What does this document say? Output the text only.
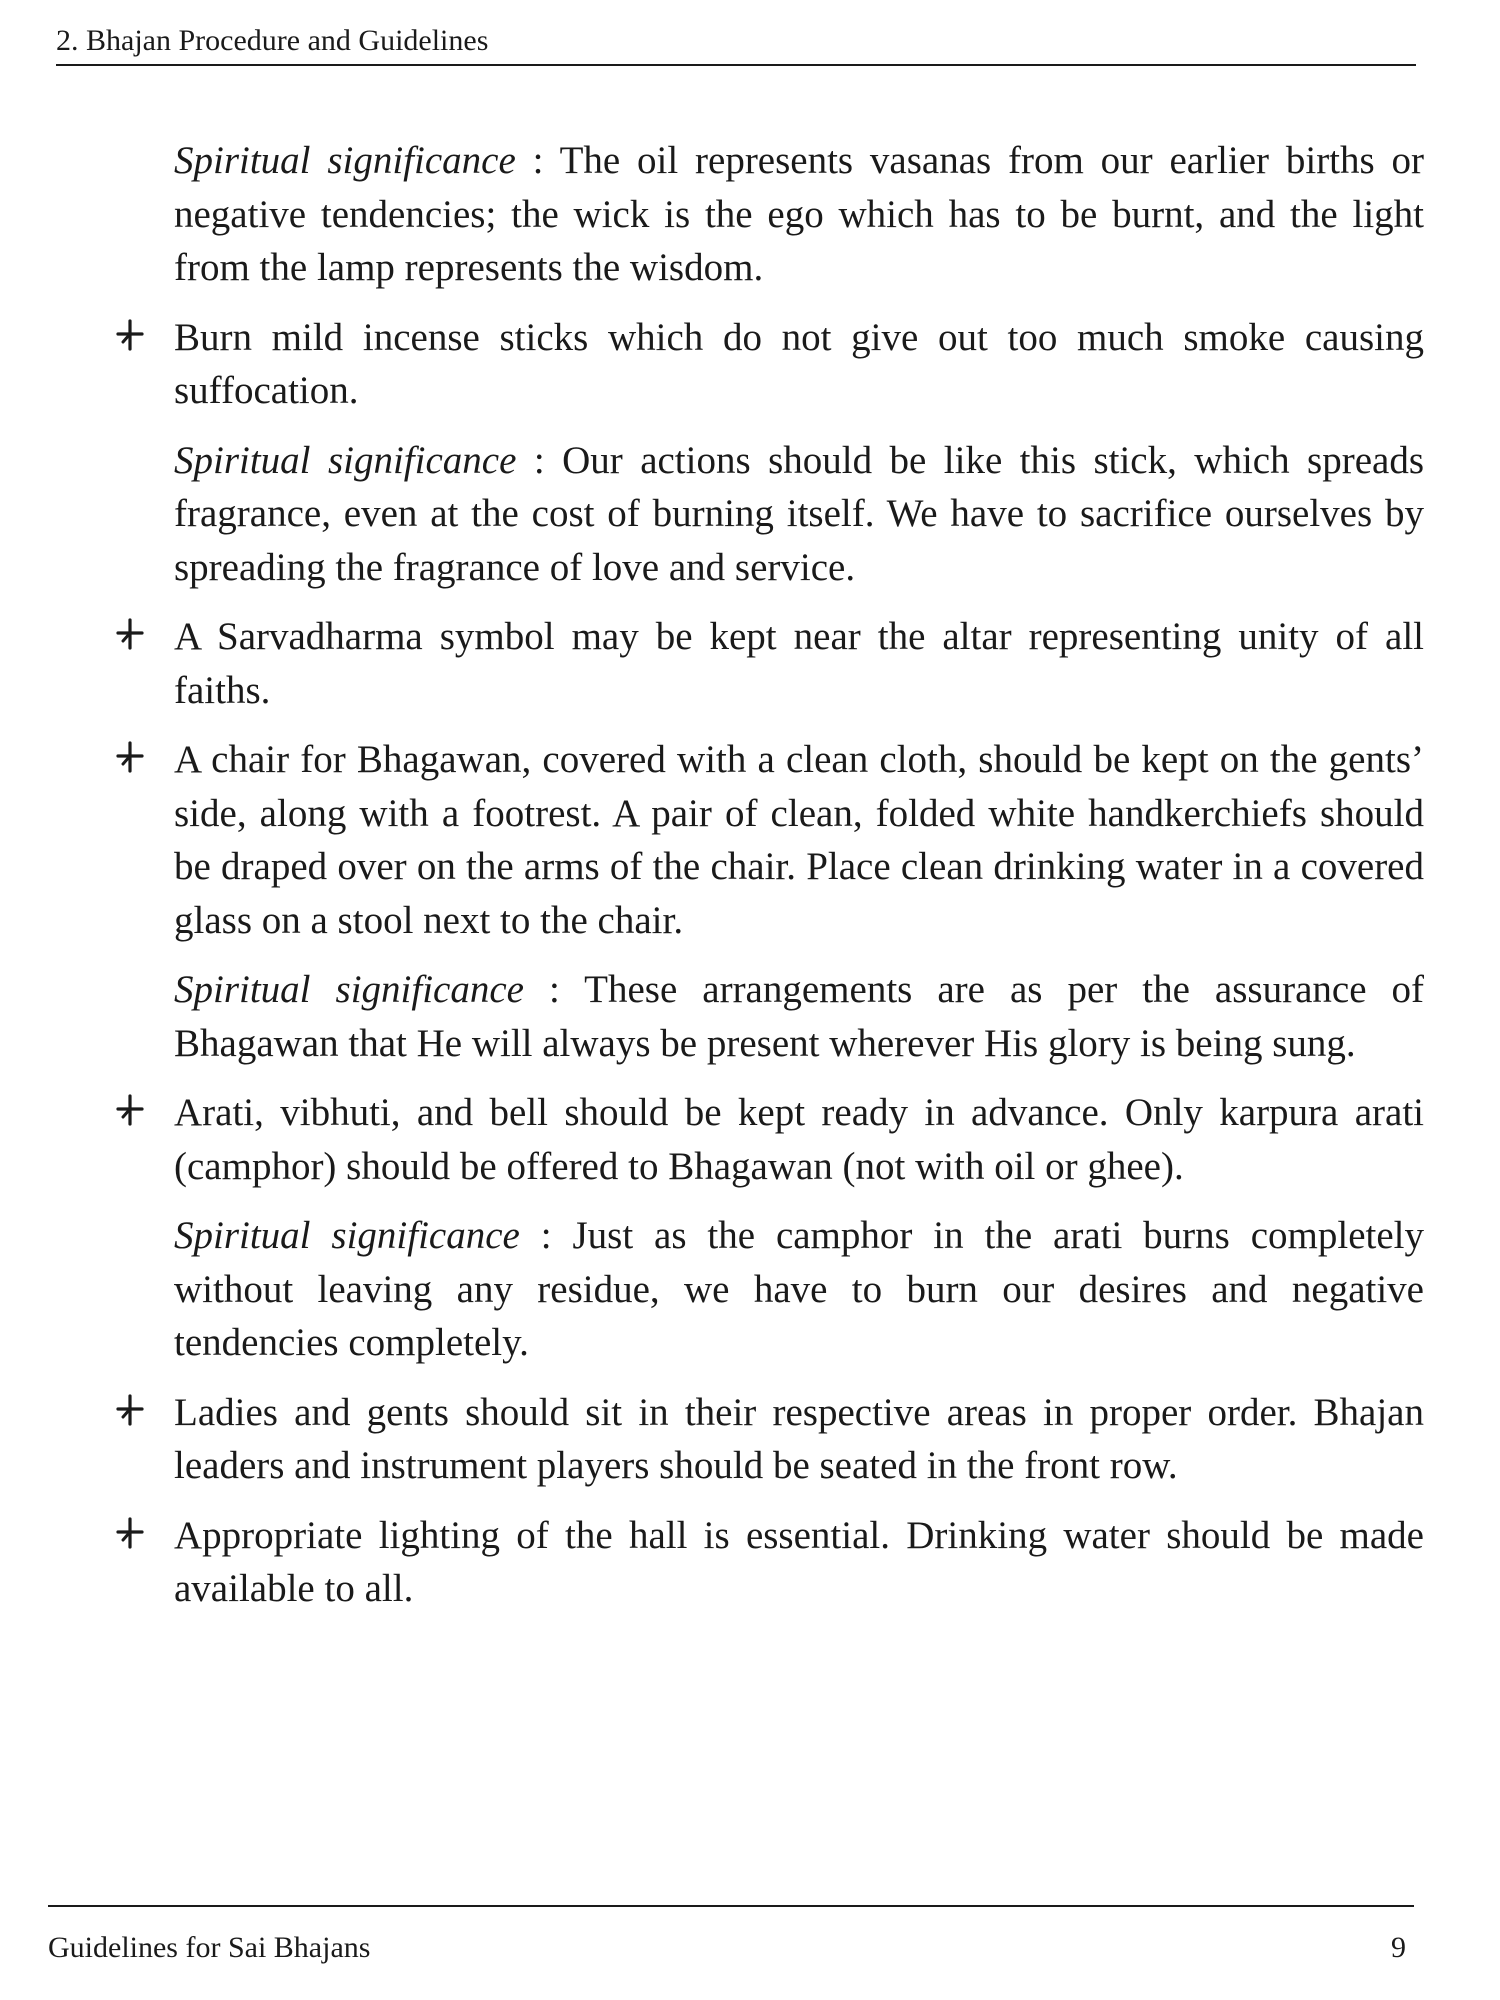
2. Bhajan Procedure and Guidelines

Spiritual significance : The oil represents vasanas from our earlier births or negative tendencies; the wick is the ego which has to be burnt, and the light from the lamp represents the wisdom.

Burn mild incense sticks which do not give out too much smoke causing suffocation.

Spiritual significance : Our actions should be like this stick, which spreads fragrance, even at the cost of burning itself. We have to sacrifice ourselves by spreading the fragrance of love and service.

A Sarvadharma symbol may be kept near the altar representing unity of all faiths.

A chair for Bhagawan, covered with a clean cloth, should be kept on the gents’ side, along with a footrest. A pair of clean, folded white handkerchiefs should be draped over on the arms of the chair. Place clean drinking water in a covered glass on a stool next to the chair.

Spiritual significance : These arrangements are as per the assurance of Bhagawan that He will always be present wherever His glory is being sung.

Arati, vibhuti, and bell should be kept ready in advance. Only karpura arati (camphor) should be offered to Bhagawan (not with oil or ghee).

Spiritual significance : Just as the camphor in the arati burns completely without leaving any residue, we have to burn our desires and negative tendencies completely.

Ladies and gents should sit in their respective areas in proper order. Bhajan leaders and instrument players should be seated in the front row.

Appropriate lighting of the hall is essential. Drinking water should be made available to all.

Guidelines for Sai Bhajans	9
